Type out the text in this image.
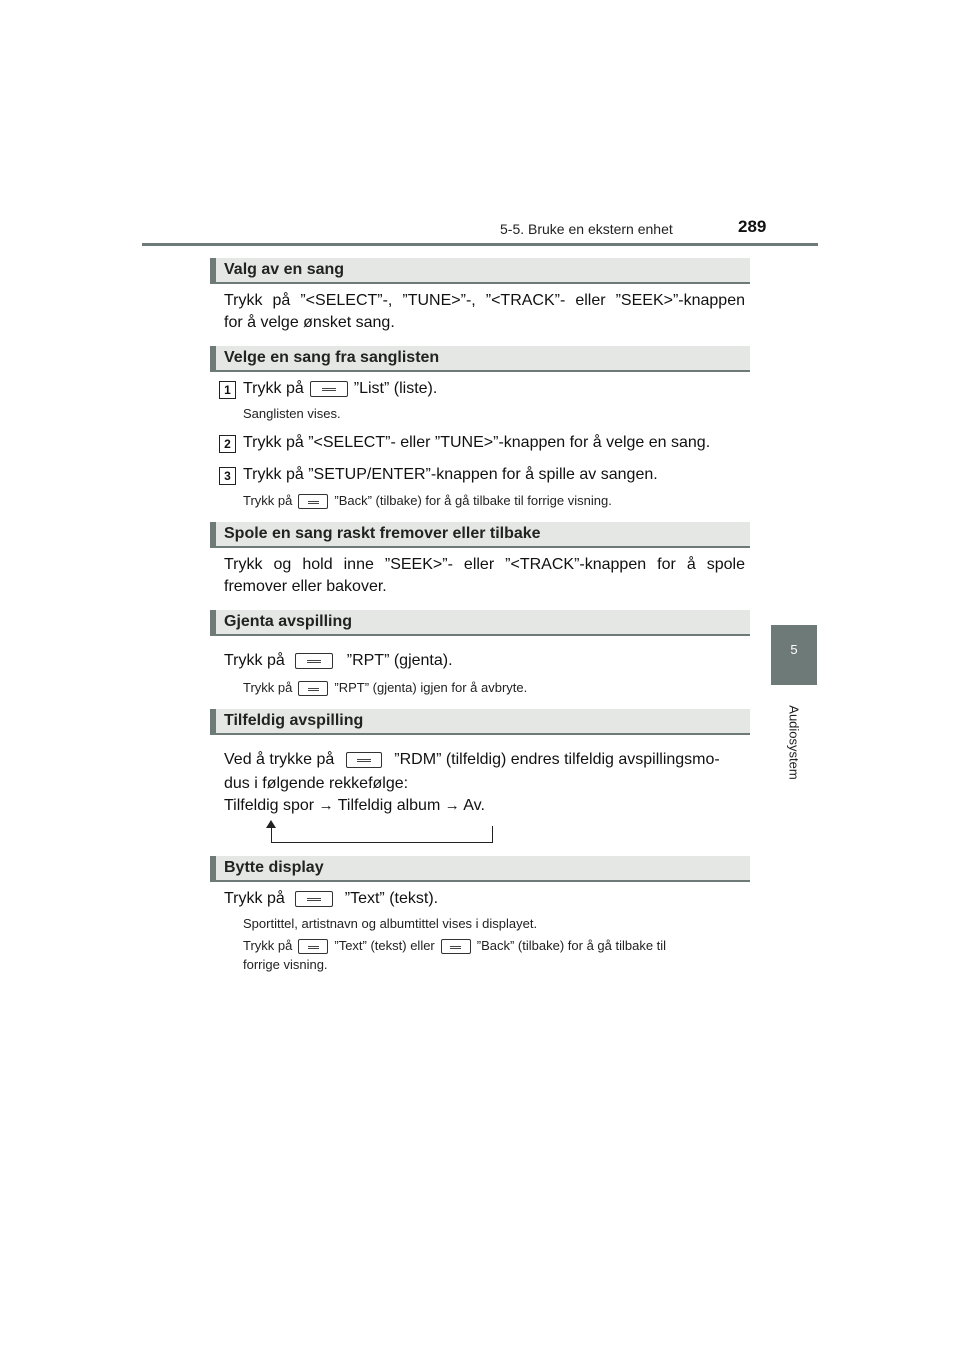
5-5. Bruke en ekstern enhet	289
5
Audiosystem
Valg av en sang
Trykk på ”<SELECT”-, ”TUNE>”-, ”<TRACK”- eller ”SEEK>”-knappen
for å velge ønsket sang.
Velge en sang fra sanglisten
1 Trykk på	”List” (liste).
Sanglisten vises.
2 Trykk på ”<SELECT”- eller ”TUNE>”-knappen for å velge en sang.
3 Trykk på ”SETUP/ENTER”-knappen for å spille av sangen.
Trykk på	”Back” (tilbake) for å gå tilbake til forrige visning.
Spole en sang raskt fremover eller tilbake
Trykk og hold inne ”SEEK>”- eller ”<TRACK”-knappen for å spole
fremover eller bakover.
Gjenta avspilling
Trykk på	”RPT” (gjenta).
Trykk på	”RPT” (gjenta) igjen for å avbryte.
Tilfeldig avspilling
Ved å trykke på	”RDM” (tilfeldig) endres tilfeldig avspillingsmo-
dus i følgende rekkefølge:
Tilfeldig spor → Tilfeldig album → Av.
Bytte display
Trykk på	”Text” (tekst).
Sportittel, artistnavn og albumtittel vises i displayet.
Trykk på	”Text” (tekst) eller	”Back” (tilbake) for å gå tilbake til
forrige visning.
